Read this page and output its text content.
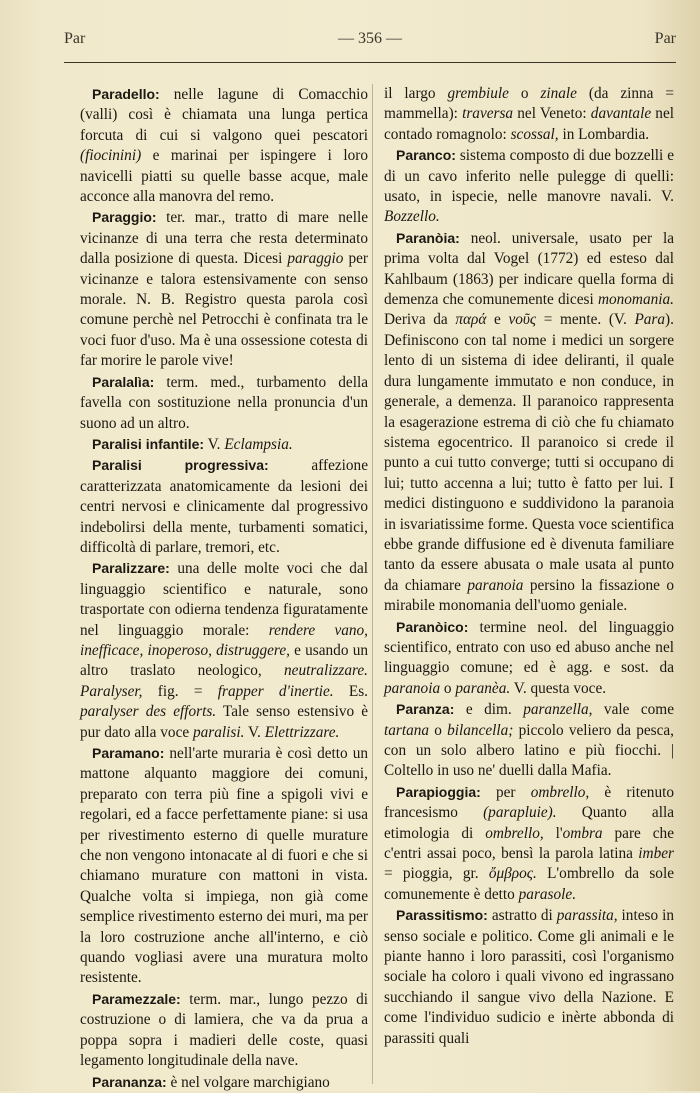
Par	— 356 —	Par

Paradello: nelle lagune di Comacchio (valli) così è chiamata una lunga pertica forcuta di cui si valgono quei pescatori (fiocinini) e marinai per ispingere i loro navicelli piatti su quelle basse acque, male acconce alla manovra del remo.

Paraggio: ter. mar., tratto di mare nelle vicinanze di una terra che resta determinato dalla posizione di questa. Dicesi paraggio per vicinanze e talora estensivamente con senso morale. N. B. Registro questa parola così comune perchè nel Petrocchi è confinata tra le voci fuor d'uso. Ma è una ossessione cotesta di far morire le parole vive!

Paralalìa: term. med., turbamento della favella con sostituzione nella pronuncia d'un suono ad un altro.

Paralisi infantile: V. Eclampsia.

Paralisi progressiva: affezione caratterizzata anatomicamente da lesioni dei centri nervosi e clinicamente dal progressivo indebolirsi della mente, turbamenti somatici, difficoltà di parlare, tremori, etc.

Paralizzare: una delle molte voci che dal linguaggio scientifico e naturale, sono trasportate con odierna tendenza figuratamente nel linguaggio morale: rendere vano, inefficace, inoperoso, distruggere, e usando un altro traslato neologico, neutralizzare. Paralyser, fig. = frapper d'inertie. Es. paralyser des efforts. Tale senso estensivo è pur dato alla voce paralisi. V. Elettrizzare.

Paramano: nell'arte muraria è così detto un mattone alquanto maggiore dei comuni, preparato con terra più fine a spigoli vivi e regolari, ed a facce perfettamente piane: si usa per rivestimento esterno di quelle murature che non vengono intonacate al di fuori e che si chiamano murature con mattoni in vista. Qualche volta si impiega, non già come semplice rivestimento esterno dei muri, ma per la loro costruzione anche all'interno, e ciò quando vogliasi avere una muratura molto resistente.

Paramezzale: term. mar., lungo pezzo di costruzione o di lamiera, che va da prua a poppa sopra i madieri delle coste, quasi legamento longitudinale della nave.

Parananza: è nel volgare marchigiano

il largo grembiule o zinale (da zinna = mammella): traversa nel Veneto: davantale nel contado romagnolo: scossal, in Lombardia.

Paranco: sistema composto di due bozzelli e di un cavo inferito nelle pulegge di quelli: usato, in ispecie, nelle manovre navali. V. Bozzello.

Paranòia: neol. universale, usato per la prima volta dal Vogel (1772) ed esteso dal Kahlbaum (1863) per indicare quella forma di demenza che comunemente dicesi monomania. Deriva da παρά e νοῦς = mente. (V. Para). Definiscono con tal nome i medici un sorgere lento di un sistema di idee deliranti, il quale dura lungamente immutato e non conduce, in generale, a demenza. Il paranoico rappresenta la esagerazione estrema di ciò che fu chiamato sistema egocentrico. Il paranoico si crede il punto a cui tutto converge; tutti si occupano di lui; tutto accenna a lui; tutto è fatto per lui. I medici distinguono e suddividono la paranoia in isvariatissime forme. Questa voce scientifica ebbe grande diffusione ed è divenuta familiare tanto da essere abusata o male usata al punto da chiamare paranoia persino la fissazione o mirabile monomania dell'uomo geniale.

Paranòico: termine neol. del linguaggio scientifico, entrato con uso ed abuso anche nel linguaggio comune; ed è agg. e sost. da paranoia o paranèa. V. questa voce.

Paranza: e dim. paranzella, vale come tartana o bilancella; piccolo veliero da pesca, con un solo albero latino e più fiocchi. | Coltello in uso ne' duelli dalla Mafia.

Parapioggia: per ombrello, è ritenuto francesismo (parapluie). Quanto alla etimologia di ombrello, l'ombra pare che c'entri assai poco, bensì la parola latina imber = pioggia, gr. ὄμβρος. L'ombrello da sole comunemente è detto parasole.

Parassitismo: astratto di parassita, inteso in senso sociale e politico. Come gli animali e le piante hanno i loro parassiti, così l'organismo sociale ha coloro i quali vivono ed ingrassano succhiando il sangue vivo della Nazione. E come l'individuo sudicio e inèrte abbonda di parassiti quali
